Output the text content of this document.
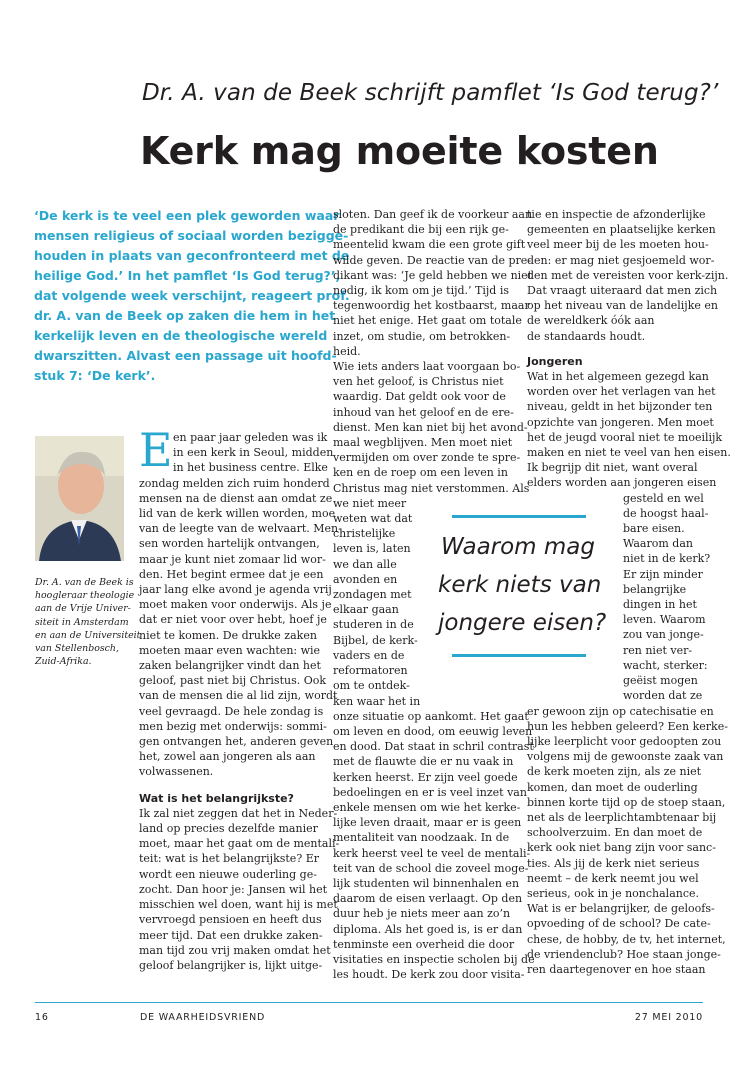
Dr. A. van de Beek schrijft pamflet ‘Is God terug?’
Kerk mag moeite kosten
‘De kerk is te veel een plek geworden waar
mensen religieus of sociaal worden bezigge-
houden in plaats van geconfronteerd met de
heilige God.’ In het pamflet ‘Is God terug?’,
dat volgende week verschijnt, reageert prof.
dr. A. van de Beek op zaken die hem in het
kerkelijk leven en de theologische wereld
dwarszitten. Alvast een passage uit hoofd-
stuk 7: ‘De kerk’.
Dr. A. van de Beek is
hoogleraar theologie
aan de Vrije Univer-
siteit in Amsterdam
en aan de Universiteit
van Stellenbosch,
Zuid-Afrika.
E en paar jaar geleden was ik
in een kerk in Seoul, midden
in het business centre. Elke
zondag melden zich ruim honderd
mensen na de dienst aan omdat ze
lid van de kerk willen worden, moe
van de leegte van de welvaart. Men-
sen worden hartelijk ontvangen,
maar je kunt niet zomaar lid wor-
den. Het begint ermee dat je een
jaar lang elke avond je agenda vrij
moet maken voor onderwijs. Als je
dat er niet voor over hebt, hoef je
niet te komen. De drukke zaken
moeten maar even wachten: wie
zaken belangrijker vindt dan het
geloof, past niet bij Christus. Ook
van de mensen die al lid zijn, wordt
veel gevraagd. De hele zondag is
men bezig met onderwijs: sommi-
gen ontvangen het, anderen geven
het, zowel aan jongeren als aan
volwassenen.
Wat is het belangrijkste?
Ik zal niet zeggen dat het in Neder-
land op precies dezelfde manier
moet, maar het gaat om de mentali-
teit: wat is het belangrijkste? Er
wordt een nieuwe ouderling ge-
zocht. Dan hoor je: Jansen wil het
misschien wel doen, want hij is met
vervroegd pensioen en heeft dus
meer tijd. Dat een drukke zaken-
man tijd zou vrij maken omdat het
geloof belangrijker is, lijkt uitge-
sloten. Dan geef ik de voorkeur aan
de predikant die bij een rijk ge-
meentelid kwam die een grote gift
wilde geven. De reactie van de pre-
dikant was: ‘Je geld hebben we niet
nodig, ik kom om je tijd.’ Tijd is
tegenwoordig het kostbaarst, maar
niet het enige. Het gaat om totale
inzet, om studie, om betrokken-
heid.
Wie iets anders laat voorgaan bo-
ven het geloof, is Christus niet
waardig. Dat geldt ook voor de
inhoud van het geloof en de ere-
dienst. Men kan niet bij het avond-
maal wegblijven. Men moet niet
vermijden om over zonde te spre-
ken en de roep om een leven in
Christus mag niet verstommen. Als
we niet meer
weten wat dat
christelijke
leven is, laten
we dan alle
avonden en
zondagen met
elkaar gaan
studeren in de
Bijbel, de kerk-
vaders en de
reformatoren
om te ontdek-
ken waar het in
onze situatie op aankomt. Het gaat
om leven en dood, om eeuwig leven
en dood. Dat staat in schril contrast
met de flauwte die er nu vaak in
kerken heerst. Er zijn veel goede
bedoelingen en er is veel inzet van
enkele mensen om wie het kerke-
lijke leven draait, maar er is geen
mentaliteit van noodzaak. In de
kerk heerst veel te veel de mentali-
teit van de school die zoveel moge-
lijk studenten wil binnenhalen en
daarom de eisen verlaagt. Op den
duur heb je niets meer aan zo’n
diploma. Als het goed is, is er dan
tenminste een overheid die door
visitaties en inspectie scholen bij de
les houdt. De kerk zou door visita-
tie en inspectie de afzonderlijke
gemeenten en plaatselijke kerken
veel meer bij de les moeten hou-
den: er mag niet gesjoemeld wor-
den met de vereisten voor kerk-zijn.
Dat vraagt uiteraard dat men zich
op het niveau van de landelijke en
de wereldkerk óók aan
de standaards houdt.
Jongeren
Wat in het algemeen gezegd kan
worden over het verlagen van het
niveau, geldt in het bijzonder ten
opzichte van jongeren. Men moet
het de jeugd vooral niet te moeilijk
maken en niet te veel van hen eisen.
Ik begrijp dit niet, want overal
elders worden aan jongeren eisen
gesteld en wel
de hoogst haal-
bare eisen.
Waarom dan
niet in de kerk?
Er zijn minder
belangrijke
dingen in het
leven. Waarom
zou van jonge-
ren niet ver-
wacht, sterker:
geëist mogen
worden dat ze
er gewoon zijn op catechisatie en
hun les hebben geleerd? Een kerke-
lijke leerplicht voor gedoopten zou
volgens mij de gewoonste zaak van
de kerk moeten zijn, als ze niet
komen, dan moet de ouderling
binnen korte tijd op de stoep staan,
net als de leerplichtambtenaar bij
schoolverzuim. En dan moet de
kerk ook niet bang zijn voor sanc-
ties. Als jij de kerk niet serieus
neemt – de kerk neemt jou wel
serieus, ook in je nonchalance.
Wat is er belangrijker, de geloofs-
opvoeding of de school? De cate-
chese, de hobby, de tv, het internet,
de vriendenclub? Hoe staan jonge-
ren daartegenover en hoe staan
Waarom mag
kerk niets van
jongere eisen?
16	DE WAARHEIDSVRIEND	27 MEI 2010
